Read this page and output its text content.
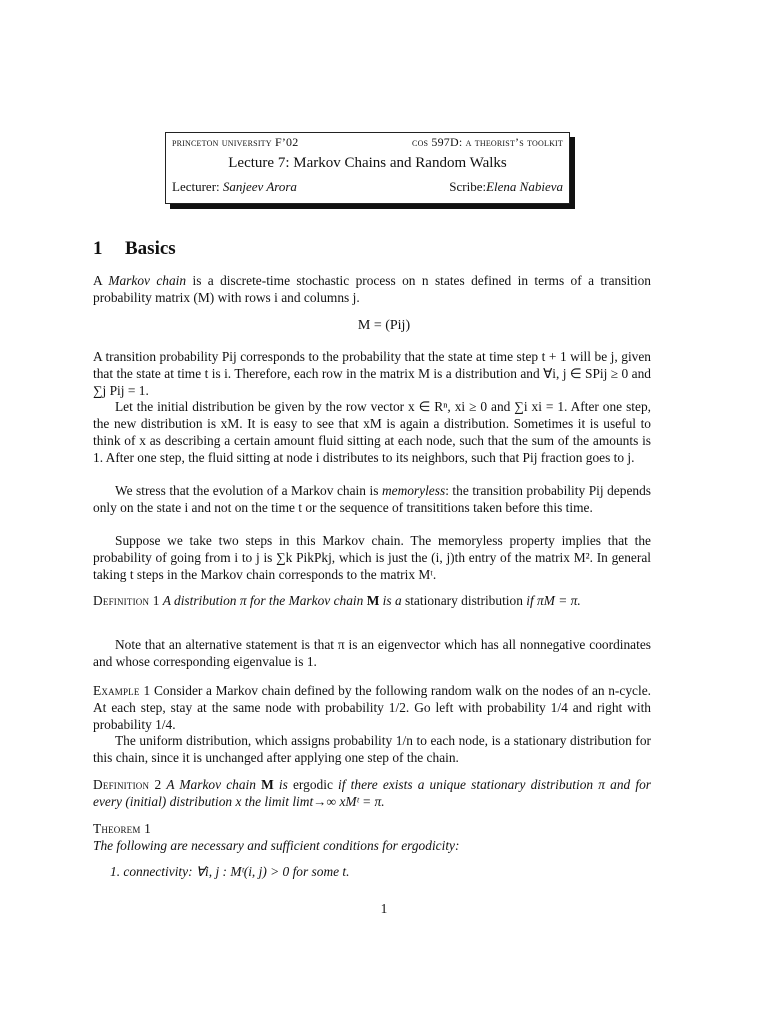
princeton university F’02	cos 597D: a theorist’s toolkit
Lecture 7: Markov Chains and Random Walks
Lecturer: Sanjeev Arora	Scribe:Elena Nabieva
1 Basics
A Markov chain is a discrete-time stochastic process on n states defined in terms of a transition probability matrix (M) with rows i and columns j.
M = (Pij)
A transition probability Pij corresponds to the probability that the state at time step t + 1 will be j, given that the state at time t is i. Therefore, each row in the matrix M is a distribution and ∀i, j ∈ SPij ≥ 0 and ∑j Pij = 1.
Let the initial distribution be given by the row vector x ∈ Rⁿ, xi ≥ 0 and ∑i xi = 1. After one step, the new distribution is xM. It is easy to see that xM is again a distribution. Sometimes it is useful to think of x as describing a certain amount fluid sitting at each node, such that the sum of the amounts is 1. After one step, the fluid sitting at node i distributes to its neighbors, such that Pij fraction goes to j.
We stress that the evolution of a Markov chain is memoryless: the transition probability Pij depends only on the state i and not on the time t or the sequence of transititions taken before this time.
Suppose we take two steps in this Markov chain. The memoryless property implies that the probability of going from i to j is ∑k PikPkj, which is just the (i, j)th entry of the matrix M². In general taking t steps in the Markov chain corresponds to the matrix Mᵗ.
Definition 1 A distribution π for the Markov chain M is a stationary distribution if πM = π.
Note that an alternative statement is that π is an eigenvector which has all nonnegative coordinates and whose corresponding eigenvalue is 1.
Example 1 Consider a Markov chain defined by the following random walk on the nodes of an n-cycle. At each step, stay at the same node with probability 1/2. Go left with probability 1/4 and right with probability 1/4.
The uniform distribution, which assigns probability 1/n to each node, is a stationary distribution for this chain, since it is unchanged after applying one step of the chain.
Definition 2 A Markov chain M is ergodic if there exists a unique stationary distribution π and for every (initial) distribution x the limit limt→∞ xMᵗ = π.
Theorem 1
The following are necessary and sufficient conditions for ergodicity:
1. connectivity: ∀i, j : Mᵗ(i, j) > 0 for some t.
1
